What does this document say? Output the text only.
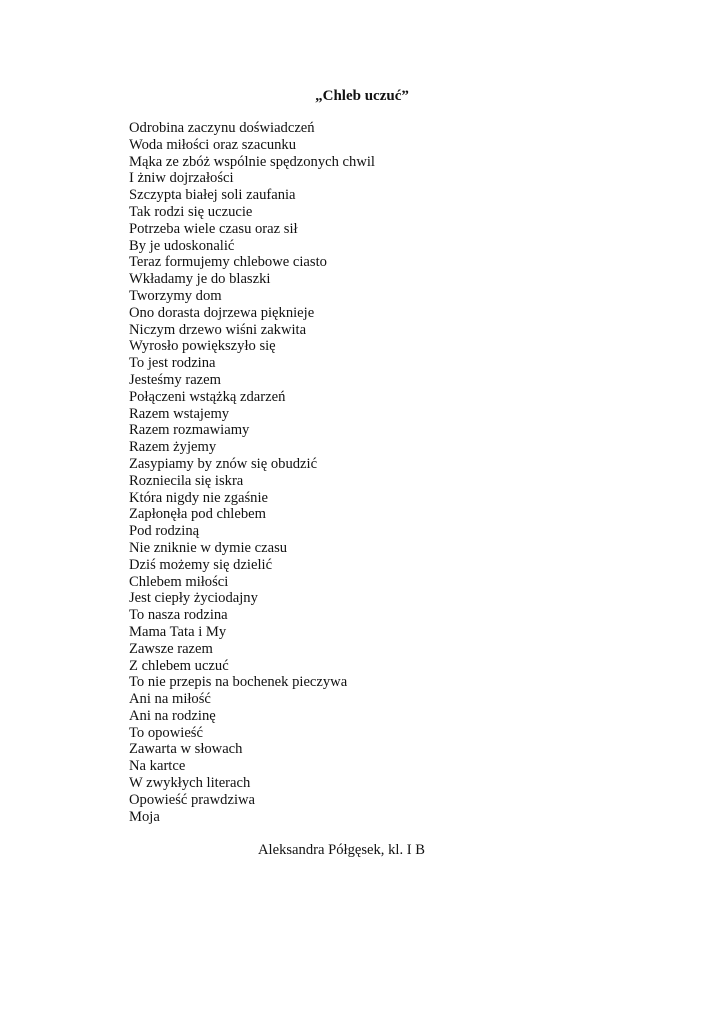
„Chleb uczuć”
Odrobina zaczynu doświadczeń
Woda miłości oraz szacunku
Mąka ze zbóż wspólnie spędzonych chwil
I żniw dojrzałości
Szczypta białej soli zaufania
Tak rodzi się uczucie
Potrzeba wiele czasu oraz sił
By je udoskonalić
Teraz formujemy chlebowe ciasto
Wkładamy je do blaszki
Tworzymy dom
Ono dorasta dojrzewa pięknieje
Niczym drzewo wiśni zakwita
Wyrosło powiększyło się
To jest rodzina
Jesteśmy razem
Połączeni wstążką zdarzeń
Razem wstajemy
Razem rozmawiamy
Razem żyjemy
Zasypiamy by znów się obudzić
Rozniecila się iskra
Która nigdy nie zgaśnie
Zapłonęła pod chlebem
Pod rodziną
Nie zniknie w dymie czasu
Dziś możemy się dzielić
Chlebem miłości
Jest ciepły życiodajny
To nasza rodzina
Mama Tata i My
Zawsze razem
Z chlebem uczuć
To nie przepis na bochenek pieczywa
Ani na miłość
Ani na rodzinę
To opowieść
Zawarta w słowach
Na kartce
W zwykłych literach
Opowieść prawdziwa
Moja

Aleksandra Półgęsek, kl. I B
